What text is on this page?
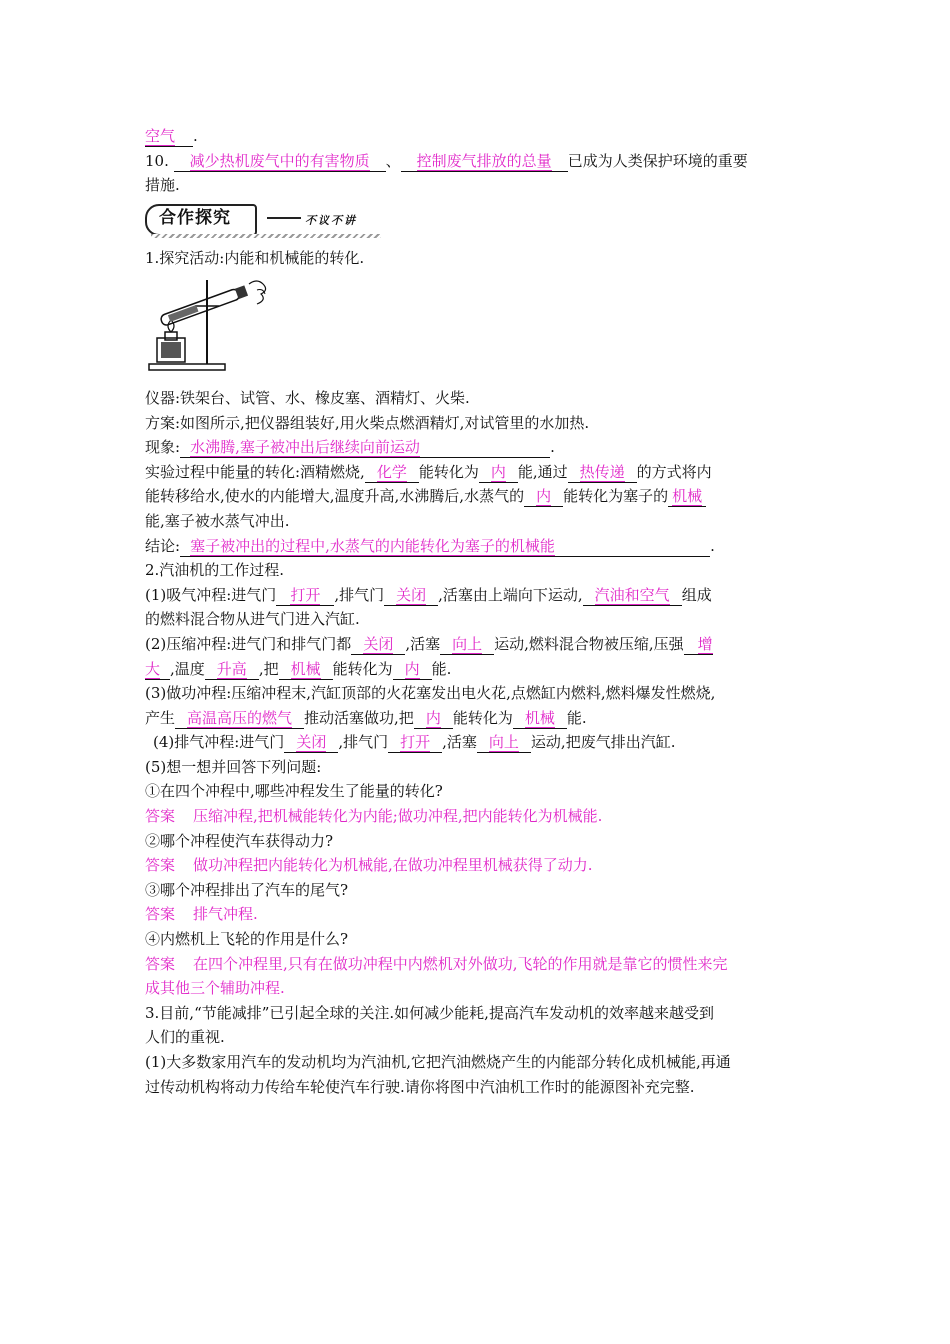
空气 .
10. 减少热机废气中的有害物质 、 控制废气排放的总量 已成为人类保护环境的重要
措施.
合作探究	不议不讲
1.探究活动:内能和机械能的转化.
仪器:铁架台、试管、水、橡皮塞、酒精灯、火柴.
方案:如图所示,把仪器组装好,用火柴点燃酒精灯,对试管里的水加热.
现象: 水沸腾,塞子被冲出后继续向前运动	.
实验过程中能量的转化:酒精燃烧, 化学 能转化为 内 能,通过 热传递 的方式将内
能转移给水,使水的内能增大,温度升高,水沸腾后,水蒸气的 内 能转化为塞子的 机械
能,塞子被水蒸气冲出.
结论: 塞子被冲出的过程中,水蒸气的内能转化为塞子的机械能	.
2.汽油机的工作过程.
(1)吸气冲程:进气门 打开 ,排气门 关闭 ,活塞由上端向下运动, 汽油和空气 组成
的燃料混合物从进气门进入汽缸.
(2)压缩冲程:进气门和排气门都 关闭 ,活塞 向上 运动,燃料混合物被压缩,压强 增
大 ,温度 升高 ,把 机械 能转化为 内 能.
(3)做功冲程:压缩冲程末,汽缸顶部的火花塞发出电火花,点燃缸内燃料,燃料爆发性燃烧,
产生 高温高压的燃气 推动活塞做功,把 内 能转化为 机械 能.
(4)排气冲程:进气门 关闭 ,排气门 打开 ,活塞 向上 运动,把废气排出汽缸.
(5)想一想并回答下列问题:
①在四个冲程中,哪些冲程发生了能量的转化?
答案 压缩冲程,把机械能转化为内能;做功冲程,把内能转化为机械能.
②哪个冲程使汽车获得动力?
答案 做功冲程把内能转化为机械能,在做功冲程里机械获得了动力.
③哪个冲程排出了汽车的尾气?
答案 排气冲程.
④内燃机上飞轮的作用是什么?
答案 在四个冲程里,只有在做功冲程中内燃机对外做功,飞轮的作用就是靠它的惯性来完
成其他三个辅助冲程.
3.目前,“节能减排”已引起全球的关注.如何减少能耗,提高汽车发动机的效率越来越受到
人们的重视.
(1)大多数家用汽车的发动机均为汽油机,它把汽油燃烧产生的内能部分转化成机械能,再通
过传动机构将动力传给车轮使汽车行驶.请你将图中汽油机工作时的能源图补充完整.
